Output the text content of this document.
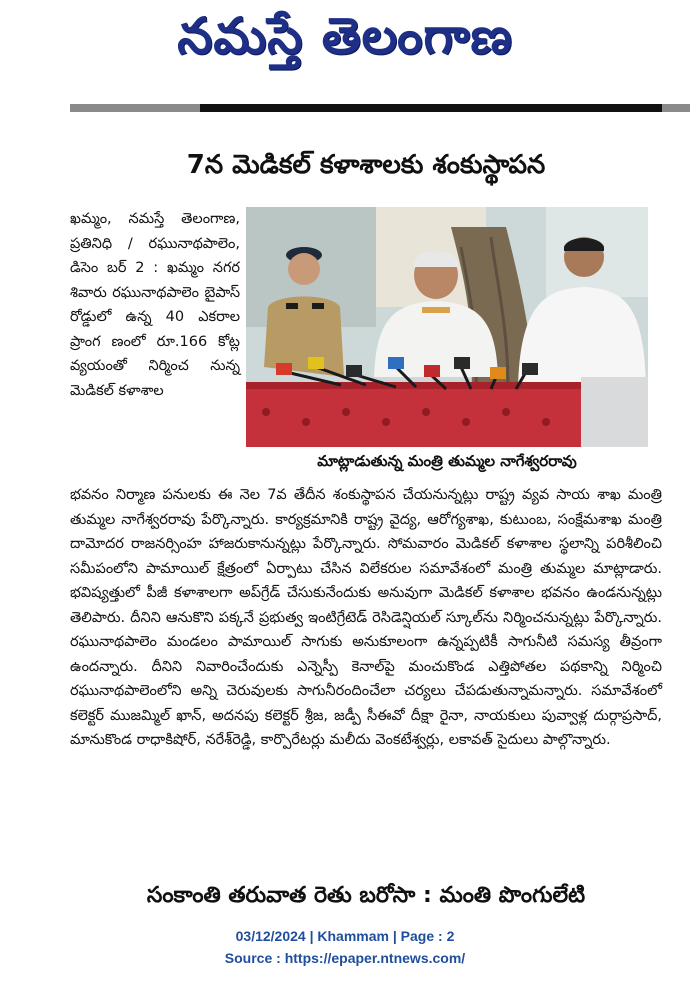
నమస్తే తెలంగాణ
7న మెడికల్ కళాశాలకు శంకుస్థాపన
ఖమ్మం, నమస్తే తెలంగాణ, ప్రతినిధి / రఘునాథపాలెం, డిసెం బర్ 2 : ఖమ్మం నగర శివారు రఘునాథపాలెం బైపాస్ రోడ్డులో ఉన్న 40 ఎకరాల ప్రాంగ ణంలో రూ.166 కోట్ల వ్యయంతో నిర్మించ నున్న మెడికల్ కళాశాల
మాట్లాడుతున్న మంత్రి తుమ్మల నాగేశ్వరరావు
భవనం నిర్మాణ పనులకు ఈ నెల 7వ తేదీన శంకుస్థాపన చేయనున్నట్లు రాష్ట్ర వ్యవ సాయ శాఖ మంత్రి తుమ్మల నాగేశ్వరరావు పేర్కొన్నారు. కార్యక్రమానికి రాష్ట్ర వైద్య, ఆరోగ్యశాఖ, కుటుంబ, సంక్షేమశాఖ మంత్రి దామోదర రాజనర్సింహ హాజరుకానున్నట్లు పేర్కొన్నారు. సోమవారం మెడికల్ కళాశాల స్థలాన్ని పరిశీలించి సమీపంలోని పామాయిల్ క్షేత్రంలో ఏర్పాటు చేసిన విలేకరుల సమావేశంలో మంత్రి తుమ్మల మాట్లాడారు. భవిష్యత్తులో పీజీ కళాశాలగా అప్‌గ్రేడ్ చేసుకునేందుకు అనువుగా మెడికల్ కళాశాల భవనం ఉండనున్నట్లు తెలిపారు. దీనిని ఆనుకొని పక్కనే ప్రభుత్వ ఇంటిగ్రేటెడ్ రెసిడెన్షియల్ స్కూల్‌ను నిర్మించనున్నట్లు పేర్కొన్నారు. రఘునాథపాలెం మండలం పామాయిల్ సాగుకు అనుకూలంగా ఉన్నప్పటికీ సాగునీటి సమస్య తీవ్రంగా ఉందన్నారు. దీనిని నివారించేందుకు ఎన్నెస్పీ కెనాల్‌పై మంచుకొండ ఎత్తిపోతల పథకాన్ని నిర్మించి రఘునాథపాలెంలోని అన్ని చెరువులకు సాగునీరందించేలా చర్యలు చేపడుతున్నామన్నారు. సమావేశంలో కలెక్టర్ ముజమ్మిల్ ఖాన్, అదనపు కలెక్టర్ శ్రీజ, జడ్పీ సీఈవో దీక్షా రైనా, నాయకులు పువ్వాళ్ల దుర్గాప్రసాద్, మానుకొండ రాధాకిషోర్, నరేశ్‌రెడ్డి, కార్పొరేటర్లు మలీదు వెంకటేశ్వర్లు, లకావత్ సైదులు పాల్గొన్నారు.
సంకాంతి తరువాత రెతు బరోసా : మంతి పొంగులేటి
03/12/2024 | Khammam | Page : 2
Source : https://epaper.ntnews.com/
